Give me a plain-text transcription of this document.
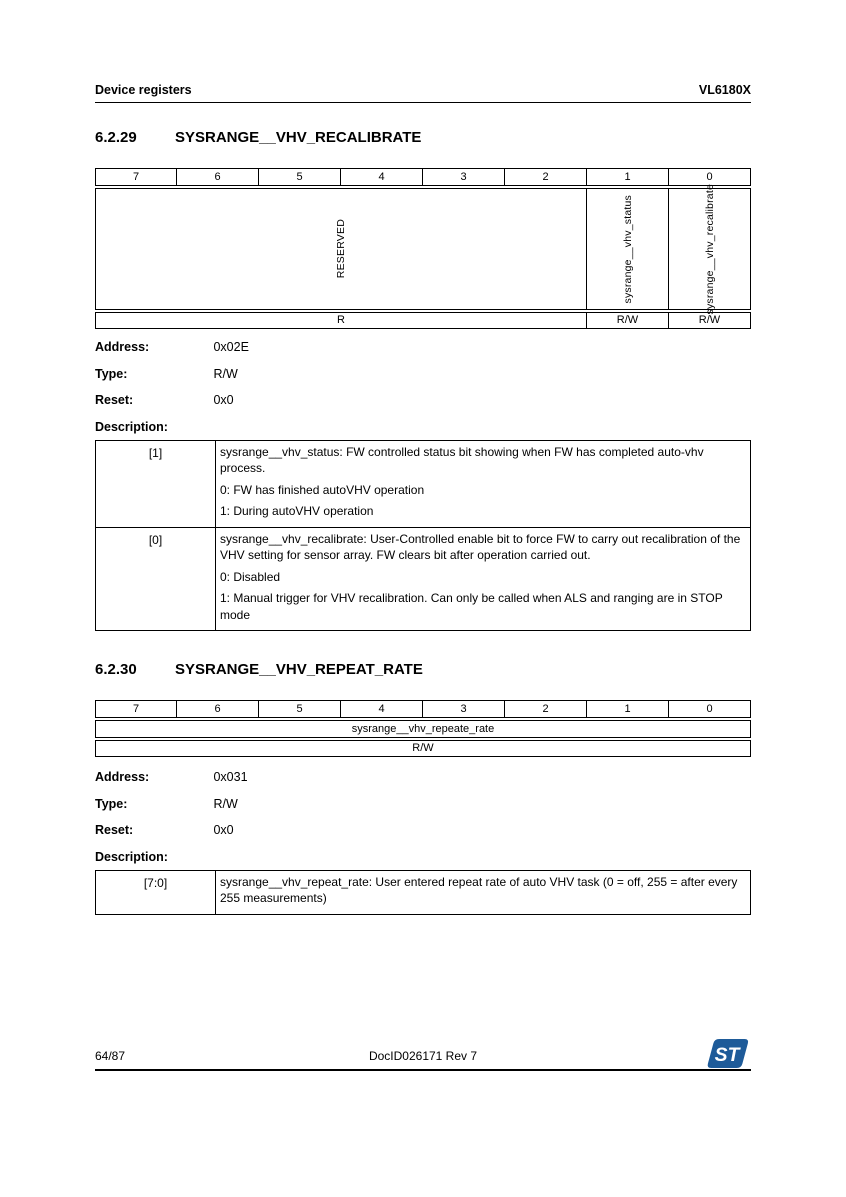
Device registers	VL6180X
6.2.29	SYSRANGE__VHV_RECALIBRATE
7	6	5	4	3	2	1	0
RESERVED	sysrange__vhv_status	sysrange__vhv_recalibrate
R	R/W	R/W
Address:	0x02E
Type:	R/W
Reset:	0x0
Description:
[1]	sysrange__vhv_status: FW controlled status bit showing when FW has completed auto-vhv process.
0: FW has finished autoVHV operation
1: During autoVHV operation
[0]	sysrange__vhv_recalibrate: User-Controlled enable bit to force FW to carry out recalibration of the VHV setting for sensor array. FW clears bit after operation carried out.
0: Disabled
1: Manual trigger for VHV recalibration. Can only be called when ALS and ranging are in STOP mode
6.2.30	SYSRANGE__VHV_REPEAT_RATE
7	6	5	4	3	2	1	0
sysrange__vhv_repeate_rate
R/W
Address:	0x031
Type:	R/W
Reset:	0x0
Description:
[7:0]	sysrange__vhv_repeat_rate: User entered repeat rate of auto VHV task (0 = off, 255 = after every 255 measurements)
DocID026171 Rev 7
64/87	ST
